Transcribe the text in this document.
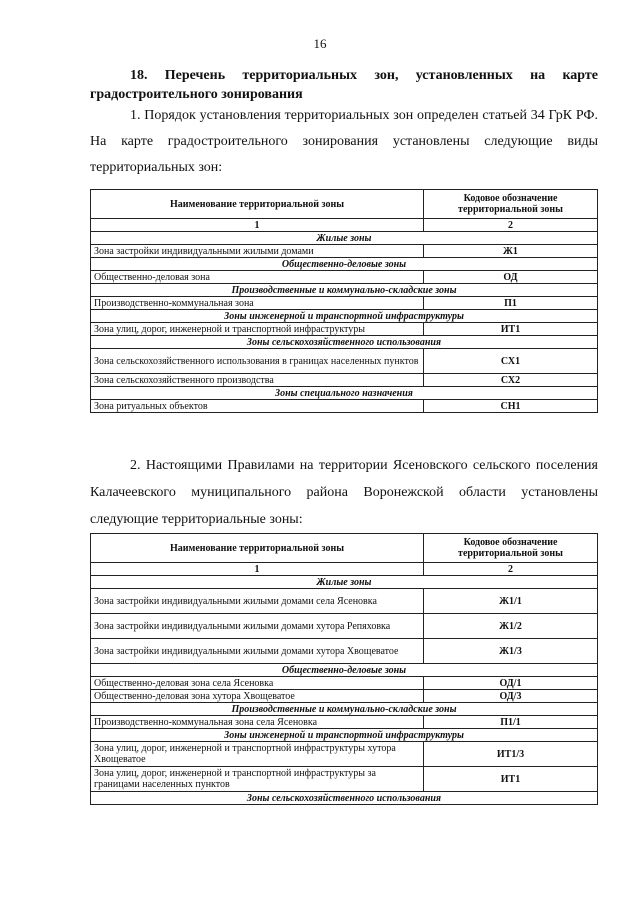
16
18. Перечень территориальных зон, установленных на карте градостроительного зонирования
1. Порядок установления территориальных зон определен статьей 34 ГрК РФ. На карте градостроительного зонирования установлены следующие виды территориальных зон:
Наименование территориальной зоны	Кодовое обозначение территориальной зоны
1	2
Жилые зоны	
Зона застройки индивидуальными жилыми домами	Ж1
Общественно-деловые зоны	
Общественно-деловая зона	ОД
Производственные и коммунально-складские зоны	
Производственно-коммунальная зона	П1
Зоны инженерной и транспортной инфраструктуры	
Зона улиц, дорог, инженерной и транспортной инфраструктуры	ИТ1
Зоны сельскохозяйственного использования	
Зона сельскохозяйственного использования в границах населенных пунктов	СХ1
Зона сельскохозяйственного производства	СХ2
Зоны специального назначения	
Зона ритуальных объектов	СН1
2. Настоящими Правилами на территории Ясеновского сельского поселения Калачеевского муниципального района Воронежской области установлены следующие территориальные зоны:
Наименование территориальной зоны	Кодовое обозначение территориальной зоны
1	2
Жилые зоны	
Зона застройки индивидуальными жилыми домами села Ясеновка	Ж1/1
Зона застройки индивидуальными жилыми домами хутора Репяховка	Ж1/2
Зона застройки индивидуальными жилыми домами хутора Хвощеватое	Ж1/3
Общественно-деловые зоны	
Общественно-деловая зона села Ясеновка	ОД/1
Общественно-деловая зона хутора Хвощеватое	ОД/3
Производственные и коммунально-складские зоны	
Производственно-коммунальная зона села Ясеновка	П1/1
Зоны инженерной и транспортной инфраструктуры	
Зона улиц, дорог, инженерной и транспортной инфраструктуры хутора Хвощеватое	ИТ1/3
Зона улиц, дорог, инженерной и транспортной инфраструктуры за границами населенных пунктов	ИТ1
Зоны сельскохозяйственного использования	
